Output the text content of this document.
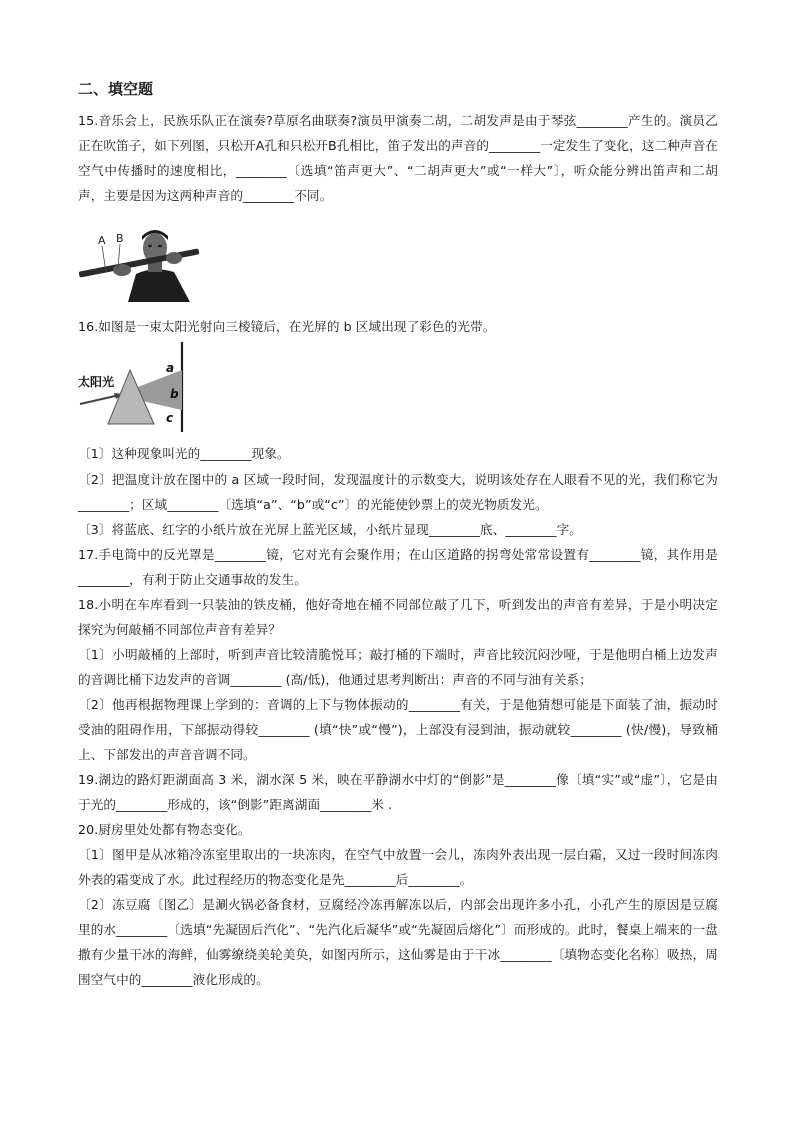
二、填空题
15.音乐会上，民族乐队正在演奏?草原名曲联奏?演员甲演奏二胡，二胡发声是由于琴弦________产生的。演员乙正在吹笛子，如下列图，只松开A孔和只松开B孔相比，笛子发出的声音的________一定发生了变化，这二种声音在空气中传播时的速度相比，________〔选填“笛声更大”、“二胡声更大”或“一样大”〕，听众能分辨出笛声和二胡声，主要是因为这两种声音的________不同。
A B
16.如图是一束太阳光射向三棱镜后，在光屏的 b 区域出现了彩色的光带。
太阳光
a
b
c
〔1〕这种现象叫光的________现象。
〔2〕把温度计放在图中的 a 区域一段时间，发现温度计的示数变大，说明该处存在人眼看不见的光，我们称它为________；区域________〔选填“a”、“b”或“c”〕的光能使钞票上的荧光物质发光。
〔3〕将蓝底、红字的小纸片放在光屏上蓝光区域，小纸片显现________底、________字。
17.手电筒中的反光罩是________镜，它对光有会聚作用；在山区道路的拐弯处常常设置有________镜，其作用是________，有利于防止交通事故的发生。
18.小明在车库看到一只装油的铁皮桶，他好奇地在桶不同部位敲了几下，听到发出的声音有差异，于是小明决定探究为何敲桶不同部位声音有差异？
〔1〕小明敲桶的上部时，听到声音比较清脆悦耳；敲打桶的下端时，声音比较沉闷沙哑，于是他明白桶上边发声的音调比桶下边发声的音调________ (高/低)，他通过思考判断出：声音的不同与油有关系；
〔2〕他再根据物理课上学到的：音调的上下与物体振动的________有关，于是他猜想可能是下面装了油，振动时受油的阻碍作用，下部振动得较________ (填“快”或“慢”)，上部没有浸到油，振动就较________ (快/慢)，导致桶上、下部发出的声音音调不同。
19.湖边的路灯距湖面高 3 米，湖水深 5 米，映在平静湖水中灯的“倒影”是________像〔填“实”或“虚”〕，它是由于光的________形成的，该“倒影”距离湖面________米 .
20.厨房里处处都有物态变化。
〔1〕图甲是从冰箱冷冻室里取出的一块冻肉，在空气中放置一会儿，冻肉外表出现一层白霜，又过一段时间冻肉外表的霜变成了水。此过程经历的物态变化是先________后________。
〔2〕冻豆腐〔图乙〕是涮火锅必备食材，豆腐经冷冻再解冻以后，内部会出现许多小孔，小孔产生的原因是豆腐里的水________〔选填“先凝固后汽化”、“先汽化后凝华”或“先凝固后熔化”〕而形成的。此时，餐桌上端来的一盘撒有少量干冰的海鲜，仙雾缭绕美轮美奂，如图丙所示，这仙雾是由于干冰________〔填物态变化名称〕吸热，周围空气中的________液化形成的。
